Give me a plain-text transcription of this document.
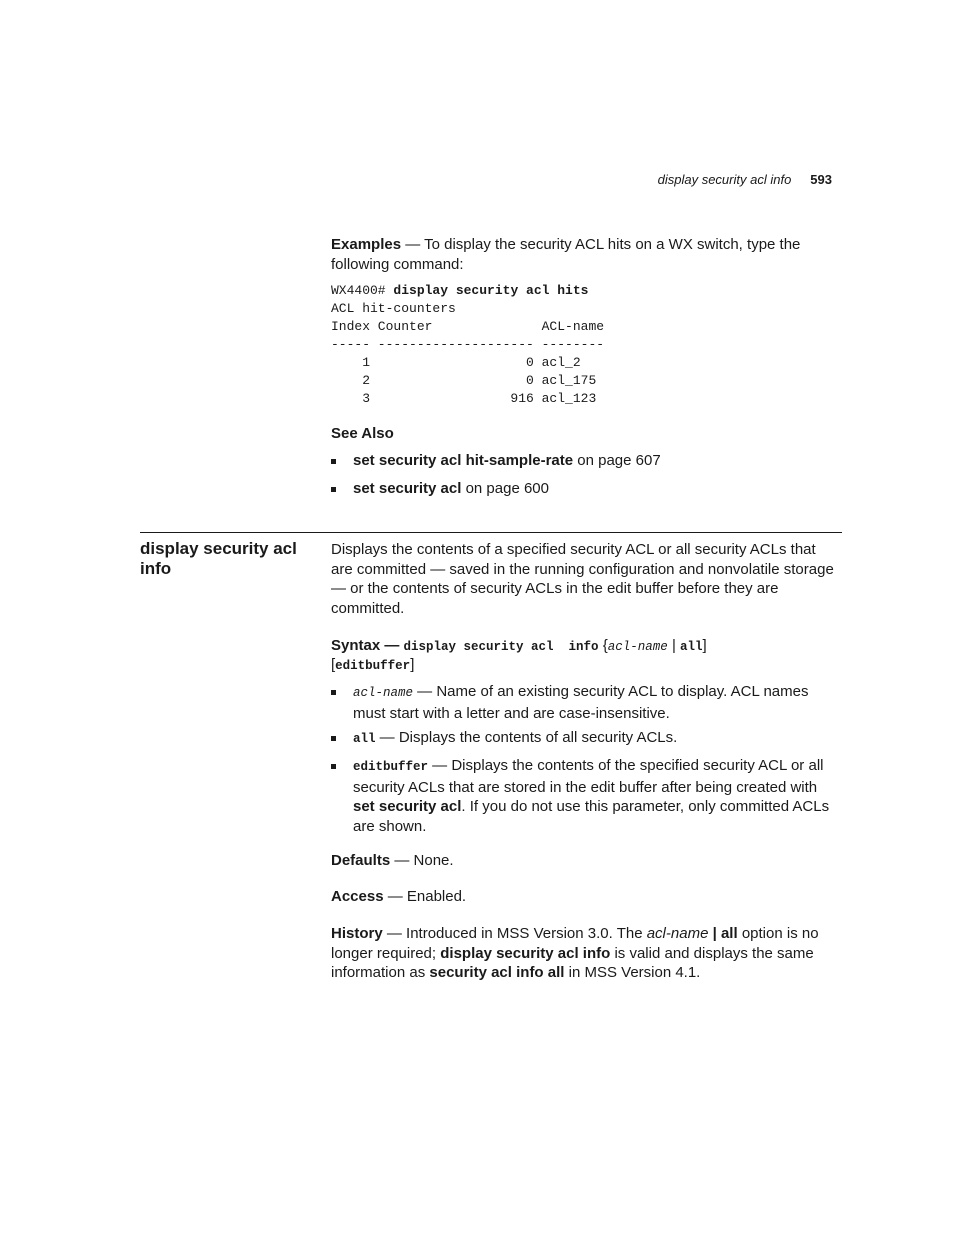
display security acl info 593

Examples — To display the security ACL hits on a WX switch, type the following command:

WX4400# display security acl hits
ACL hit-counters
Index Counter              ACL-name
----- -------------------- --------
1                    0 acl_2
2                    0 acl_175
3                  916 acl_123
See Also
set security acl hit-sample-rate on page 607
set security acl on page 600
display security acl info

Displays the contents of a specified security ACL or all security ACLs that are committed — saved in the running configuration and nonvolatile storage — or the contents of security ACLs in the edit buffer before they are committed.

Syntax — display security acl  info {acl-name | all]
[editbuffer]
acl-name — Name of an existing security ACL to display. ACL names must start with a letter and are case-insensitive.
all — Displays the contents of all security ACLs.
editbuffer — Displays the contents of the specified security ACL or all security ACLs that are stored in the edit buffer after being created with set security acl. If you do not use this parameter, only committed ACLs are shown.

Defaults — None.

Access — Enabled.

History — Introduced in MSS Version 3.0. The acl-name | all option is no longer required; display security acl info is valid and displays the same information as security acl info all in MSS Version 4.1.
